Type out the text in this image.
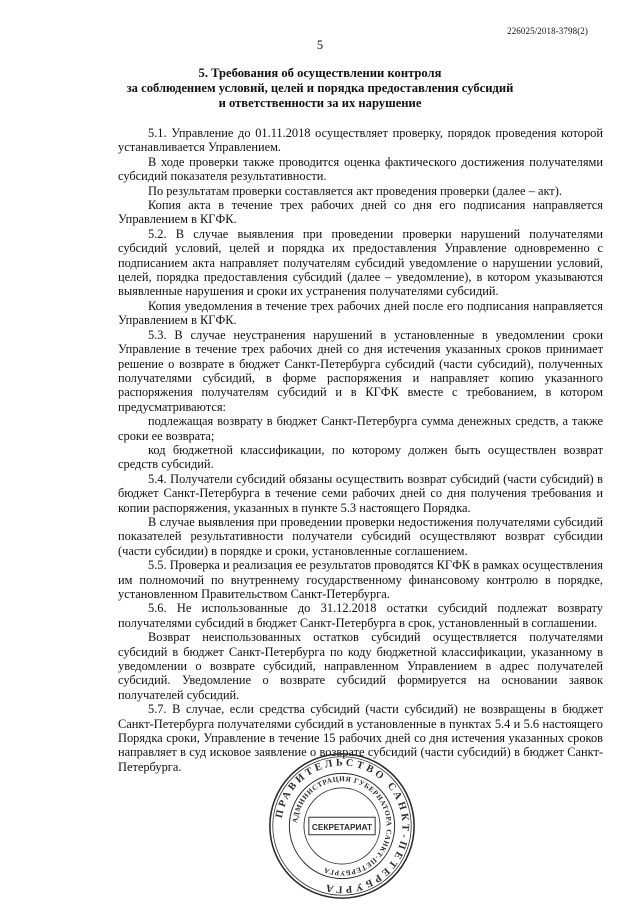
226025/2018-3798(2)
5
5. Требования об осуществлении контроля
за соблюдением условий, целей и порядка предоставления субсидий
и ответственности за их нарушение

5.1. Управление до 01.11.2018 осуществляет проверку, порядок проведения которой устанавливается Управлением.

В ходе проверки также проводится оценка фактического достижения получателями субсидий показателя результативности.

По результатам проверки составляется акт проведения проверки (далее – акт).

Копия акта в течение трех рабочих дней со дня его подписания направляется Управлением в КГФК.

5.2. В случае выявления при проведении проверки нарушений получателями субсидий условий, целей и порядка их предоставления Управление одновременно с подписанием акта направляет получателям субсидий уведомление о нарушении условий, целей, порядка предоставления субсидий (далее – уведомление), в котором указываются выявленные нарушения и сроки их устранения получателями субсидий.

Копия уведомления в течение трех рабочих дней после его подписания направляется Управлением в КГФК.

5.3. В случае неустранения нарушений в установленные в уведомлении сроки Управление в течение трех рабочих дней со дня истечения указанных сроков принимает решение о возврате в бюджет Санкт-Петербурга субсидий (части субсидий), полученных получателями субсидий, в форме распоряжения и направляет копию указанного распоряжения получателям субсидий и в КГФК вместе с требованием, в котором предусматриваются:

подлежащая возврату в бюджет Санкт-Петербурга сумма денежных средств, а также сроки ее возврата;

код бюджетной классификации, по которому должен быть осуществлен возврат средств субсидий.

5.4. Получатели субсидий обязаны осуществить возврат субсидий (части субсидий) в бюджет Санкт-Петербурга в течение семи рабочих дней со дня получения требования и копии распоряжения, указанных в пункте 5.3 настоящего Порядка.

В случае выявления при проведении проверки недостижения получателями субсидий показателей результативности получатели субсидий осуществляют возврат субсидии (части субсидии) в порядке и сроки, установленные соглашением.

5.5. Проверка и реализация ее результатов проводятся КГФК в рамках осуществления им полномочий по внутреннему государственному финансовому контролю в порядке, установленном Правительством Санкт-Петербурга.

5.6. Не использованные до 31.12.2018 остатки субсидий подлежат возврату получателями субсидий в бюджет Санкт-Петербурга в срок, установленный в соглашении.

Возврат неиспользованных остатков субсидий осуществляется получателями субсидий в бюджет Санкт-Петербурга по коду бюджетной классификации, указанному в уведомлении о возврате субсидий, направленном Управлением в адрес получателей субсидий. Уведомление о возврате субсидий формируется на основании заявок получателей субсидий.

5.7. В случае, если средства субсидий (части субсидий) не возвращены в бюджет Санкт-Петербурга получателями субсидий в установленные в пунктах 5.4 и 5.6 настоящего Порядка сроки, Управление в течение 15 рабочих дней со дня истечения указанных сроков направляет в суд исковое заявление о возврате субсидий (части субсидий) в бюджет Санкт-Петербурга.

ПРАВИТЕЛЬСТВО САНКТ-ПЕТЕРБУРГА
АДМИНИСТРАЦИЯ ГУБЕРНАТОРА САНКТ-ПЕТЕРБУРГА
СЕКРЕТАРИАТ
